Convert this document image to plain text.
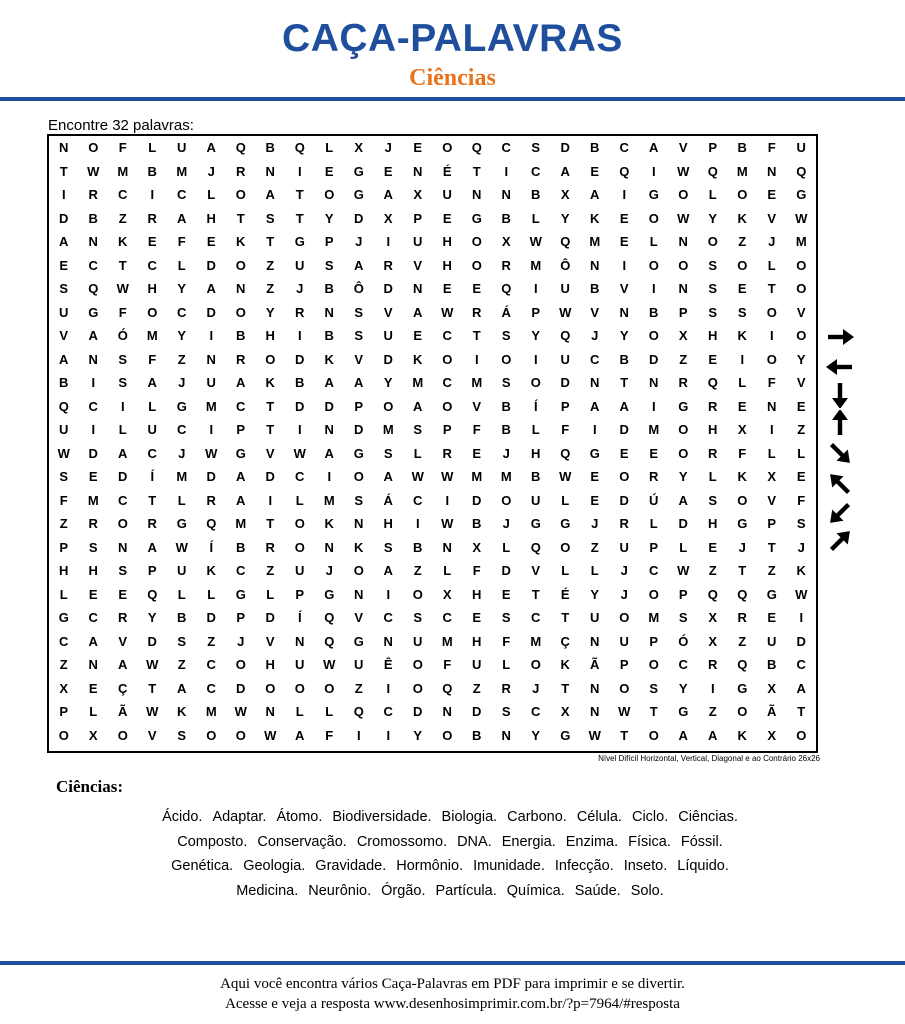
CAÇA-PALAVRAS
Ciências
Encontre 32 palavras:
N	O	F	L	U	A	Q	B	Q	L	X	J	E	O	Q	C	S	D	B	C	A	V	P	B	F	U
T	W	M	B	M	J	R	N	I	E	G	E	N	É	T	I	C	A	E	Q	I	W	Q	M	N	Q
I	R	C	I	C	L	O	A	T	O	G	A	X	U	N	N	B	X	A	I	G	O	L	O	E	G
D	B	Z	R	A	H	T	S	T	Y	D	X	P	E	G	B	L	Y	K	E	O	W	Y	K	V	W
A	N	K	E	F	E	K	T	G	P	J	I	U	H	O	X	W	Q	M	E	L	N	O	Z	J	M
E	C	T	C	L	D	O	Z	U	S	A	R	V	H	O	R	M	Ô	N	I	O	O	S	O	L	O
S	Q	W	H	Y	A	N	Z	J	B	Ô	D	N	E	E	Q	I	U	B	V	I	N	S	E	T	O
U	G	F	O	C	D	O	Y	R	N	S	V	A	W	R	Á	P	W	V	N	B	P	S	S	O	V
V	A	Ó	M	Y	I	B	H	I	B	S	U	E	C	T	S	Y	Q	J	Y	O	X	H	K	I	O
A	N	S	F	Z	N	R	O	D	K	V	D	K	O	I	O	I	U	C	B	D	Z	E	I	O	Y
B	I	S	A	J	U	A	K	B	A	A	Y	M	C	M	S	O	D	N	T	N	R	Q	L	F	V
Q	C	I	L	G	M	C	T	D	D	P	O	A	O	V	B	Í	P	A	A	I	G	R	E	N	E
U	I	L	U	C	I	P	T	I	N	D	M	S	P	F	B	L	F	I	D	M	O	H	X	I	Z
W	D	A	C	J	W	G	V	W	A	G	S	L	R	E	J	H	Q	G	E	E	O	R	F	L	L
S	E	D	Í	M	D	A	D	C	I	O	A	W	W	M	M	B	W	E	O	R	Y	L	K	X	E
F	M	C	T	L	R	A	I	L	M	S	Á	C	I	D	O	U	L	E	D	Ú	A	S	O	V	F
Z	R	O	R	G	Q	M	T	O	K	N	H	I	W	B	J	G	G	J	R	L	D	H	G	P	S
P	S	N	A	W	Í	B	R	O	N	K	S	B	N	X	L	Q	O	Z	U	P	L	E	J	T	J
H	H	S	P	U	K	C	Z	U	J	O	A	Z	L	F	D	V	L	L	J	C	W	Z	T	Z	K
L	E	E	Q	L	L	G	L	P	G	N	I	O	X	H	E	T	É	Y	J	O	P	Q	Q	G	W
G	C	R	Y	B	D	P	D	Í	Q	V	C	S	C	E	S	C	T	U	O	M	S	X	R	E	I
C	A	V	D	S	Z	J	V	N	Q	G	N	U	M	H	F	M	Ç	N	U	P	Ó	X	Z	U	D
Z	N	A	W	Z	C	O	H	U	W	U	Ê	O	F	U	L	O	K	Ã	P	O	C	R	Q	B	C
X	E	Ç	T	A	C	D	O	O	O	Z	I	O	Q	Z	R	J	T	N	O	S	Y	I	G	X	A
P	L	Ã	W	K	M	W	N	L	L	Q	C	D	N	D	S	C	X	N	W	T	G	Z	O	Ã	T
O	X	O	V	S	O	O	W	A	F	I	I	Y	O	B	N	Y	G	W	T	O	A	A	K	X	O
Nível Difícil Horizontal, Vertical, Diagonal e ao Contrário 26x26
Ciências:
Ácido. Adaptar. Átomo. Biodiversidade. Biologia. Carbono. Célula. Ciclo. Ciências.
Composto. Conservação. Cromossomo. DNA. Energia. Enzima. Física. Fóssil.
Genética. Geologia. Gravidade. Hormônio. Imunidade. Infecção. Inseto. Líquido.
Medicina. Neurônio. Órgão. Partícula. Química. Saúde. Solo.
Aqui você encontra vários Caça-Palavras em PDF para imprimir e se divertir.
Acesse e veja a resposta www.desenhosimprimir.com.br/?p=7964/#resposta
